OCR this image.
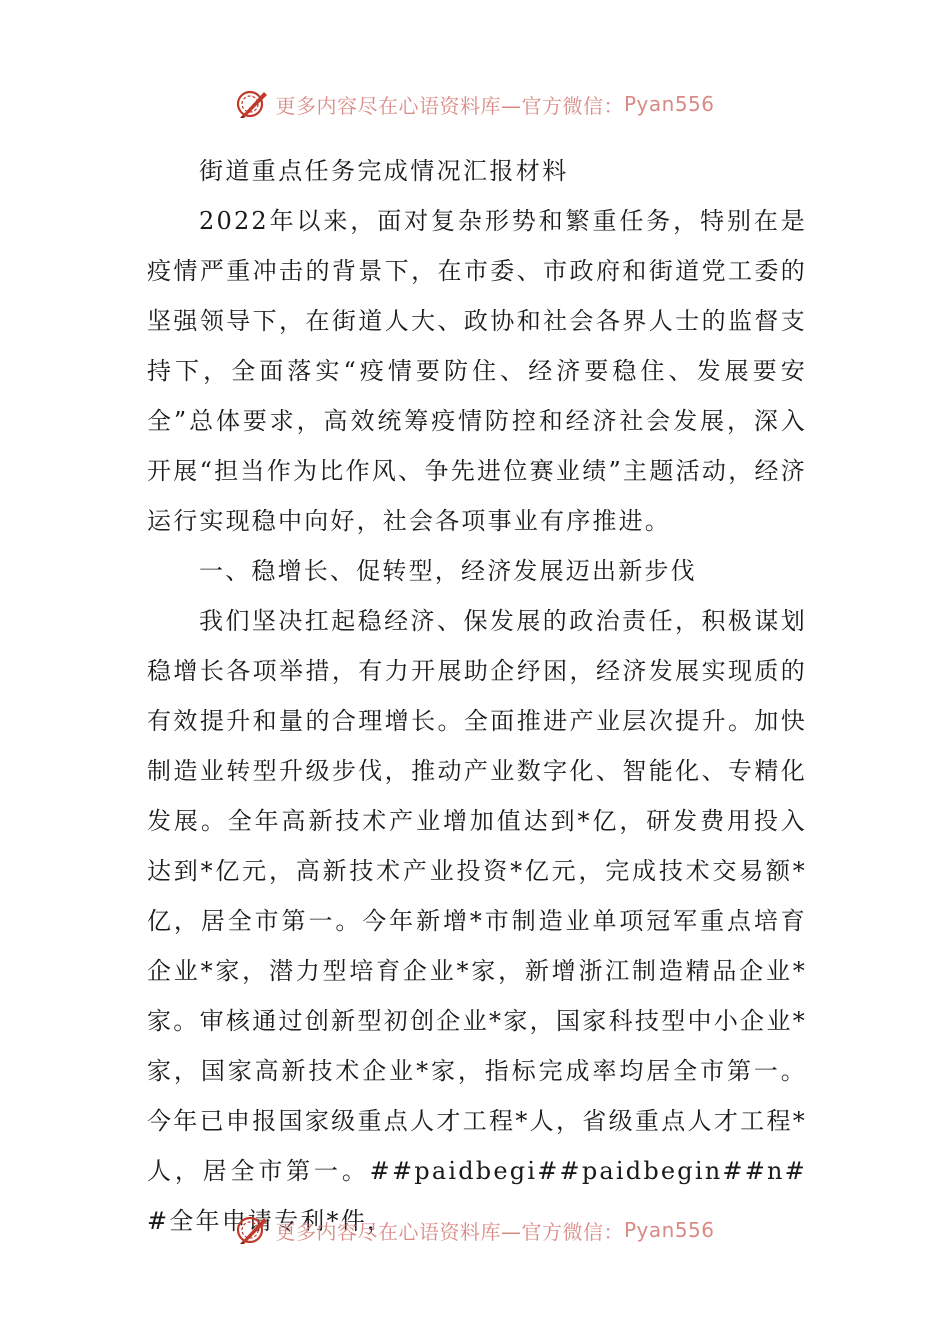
更多内容尽在心语资料库—官方微信： Pyan556

街道重点任务完成情况汇报材料

2022年以来，面对复杂形势和繁重任务，特别在是疫情严重冲击的背景下，在市委、市政府和街道党工委的坚强领导下，在街道人大、政协和社会各界人士的监督支持下，全面落实“疫情要防住、经济要稳住、发展要安全”总体要求，高效统筹疫情防控和经济社会发展，深入开展“担当作为比作风、争先进位赛业绩”主题活动，经济运行实现稳中向好，社会各项事业有序推进。

一、稳增长、促转型，经济发展迈出新步伐

我们坚决扛起稳经济、保发展的政治责任，积极谋划稳增长各项举措，有力开展助企纾困，经济发展实现质的有效提升和量的合理增长。全面推进产业层次提升。加快制造业转型升级步伐，推动产业数字化、智能化、专精化发展。全年高新技术产业增加值达到*亿，研发费用投入达到*亿元，高新技术产业投资*亿元，完成技术交易额*亿，居全市第一。今年新增*市制造业单项冠军重点培育企业*家，潜力型培育企业*家，新增浙江制造精品企业*家。审核通过创新型初创企业*家，国家科技型中小企业*家，国家高新技术企业*家，指标完成率均居全市第一。今年已申报国家级重点人才工程*人，省级重点人才工程*人，居全市第一。##paidbegi##paidbegin##n##全年申请专利*件，

更多内容尽在心语资料库—官方微信： Pyan556
